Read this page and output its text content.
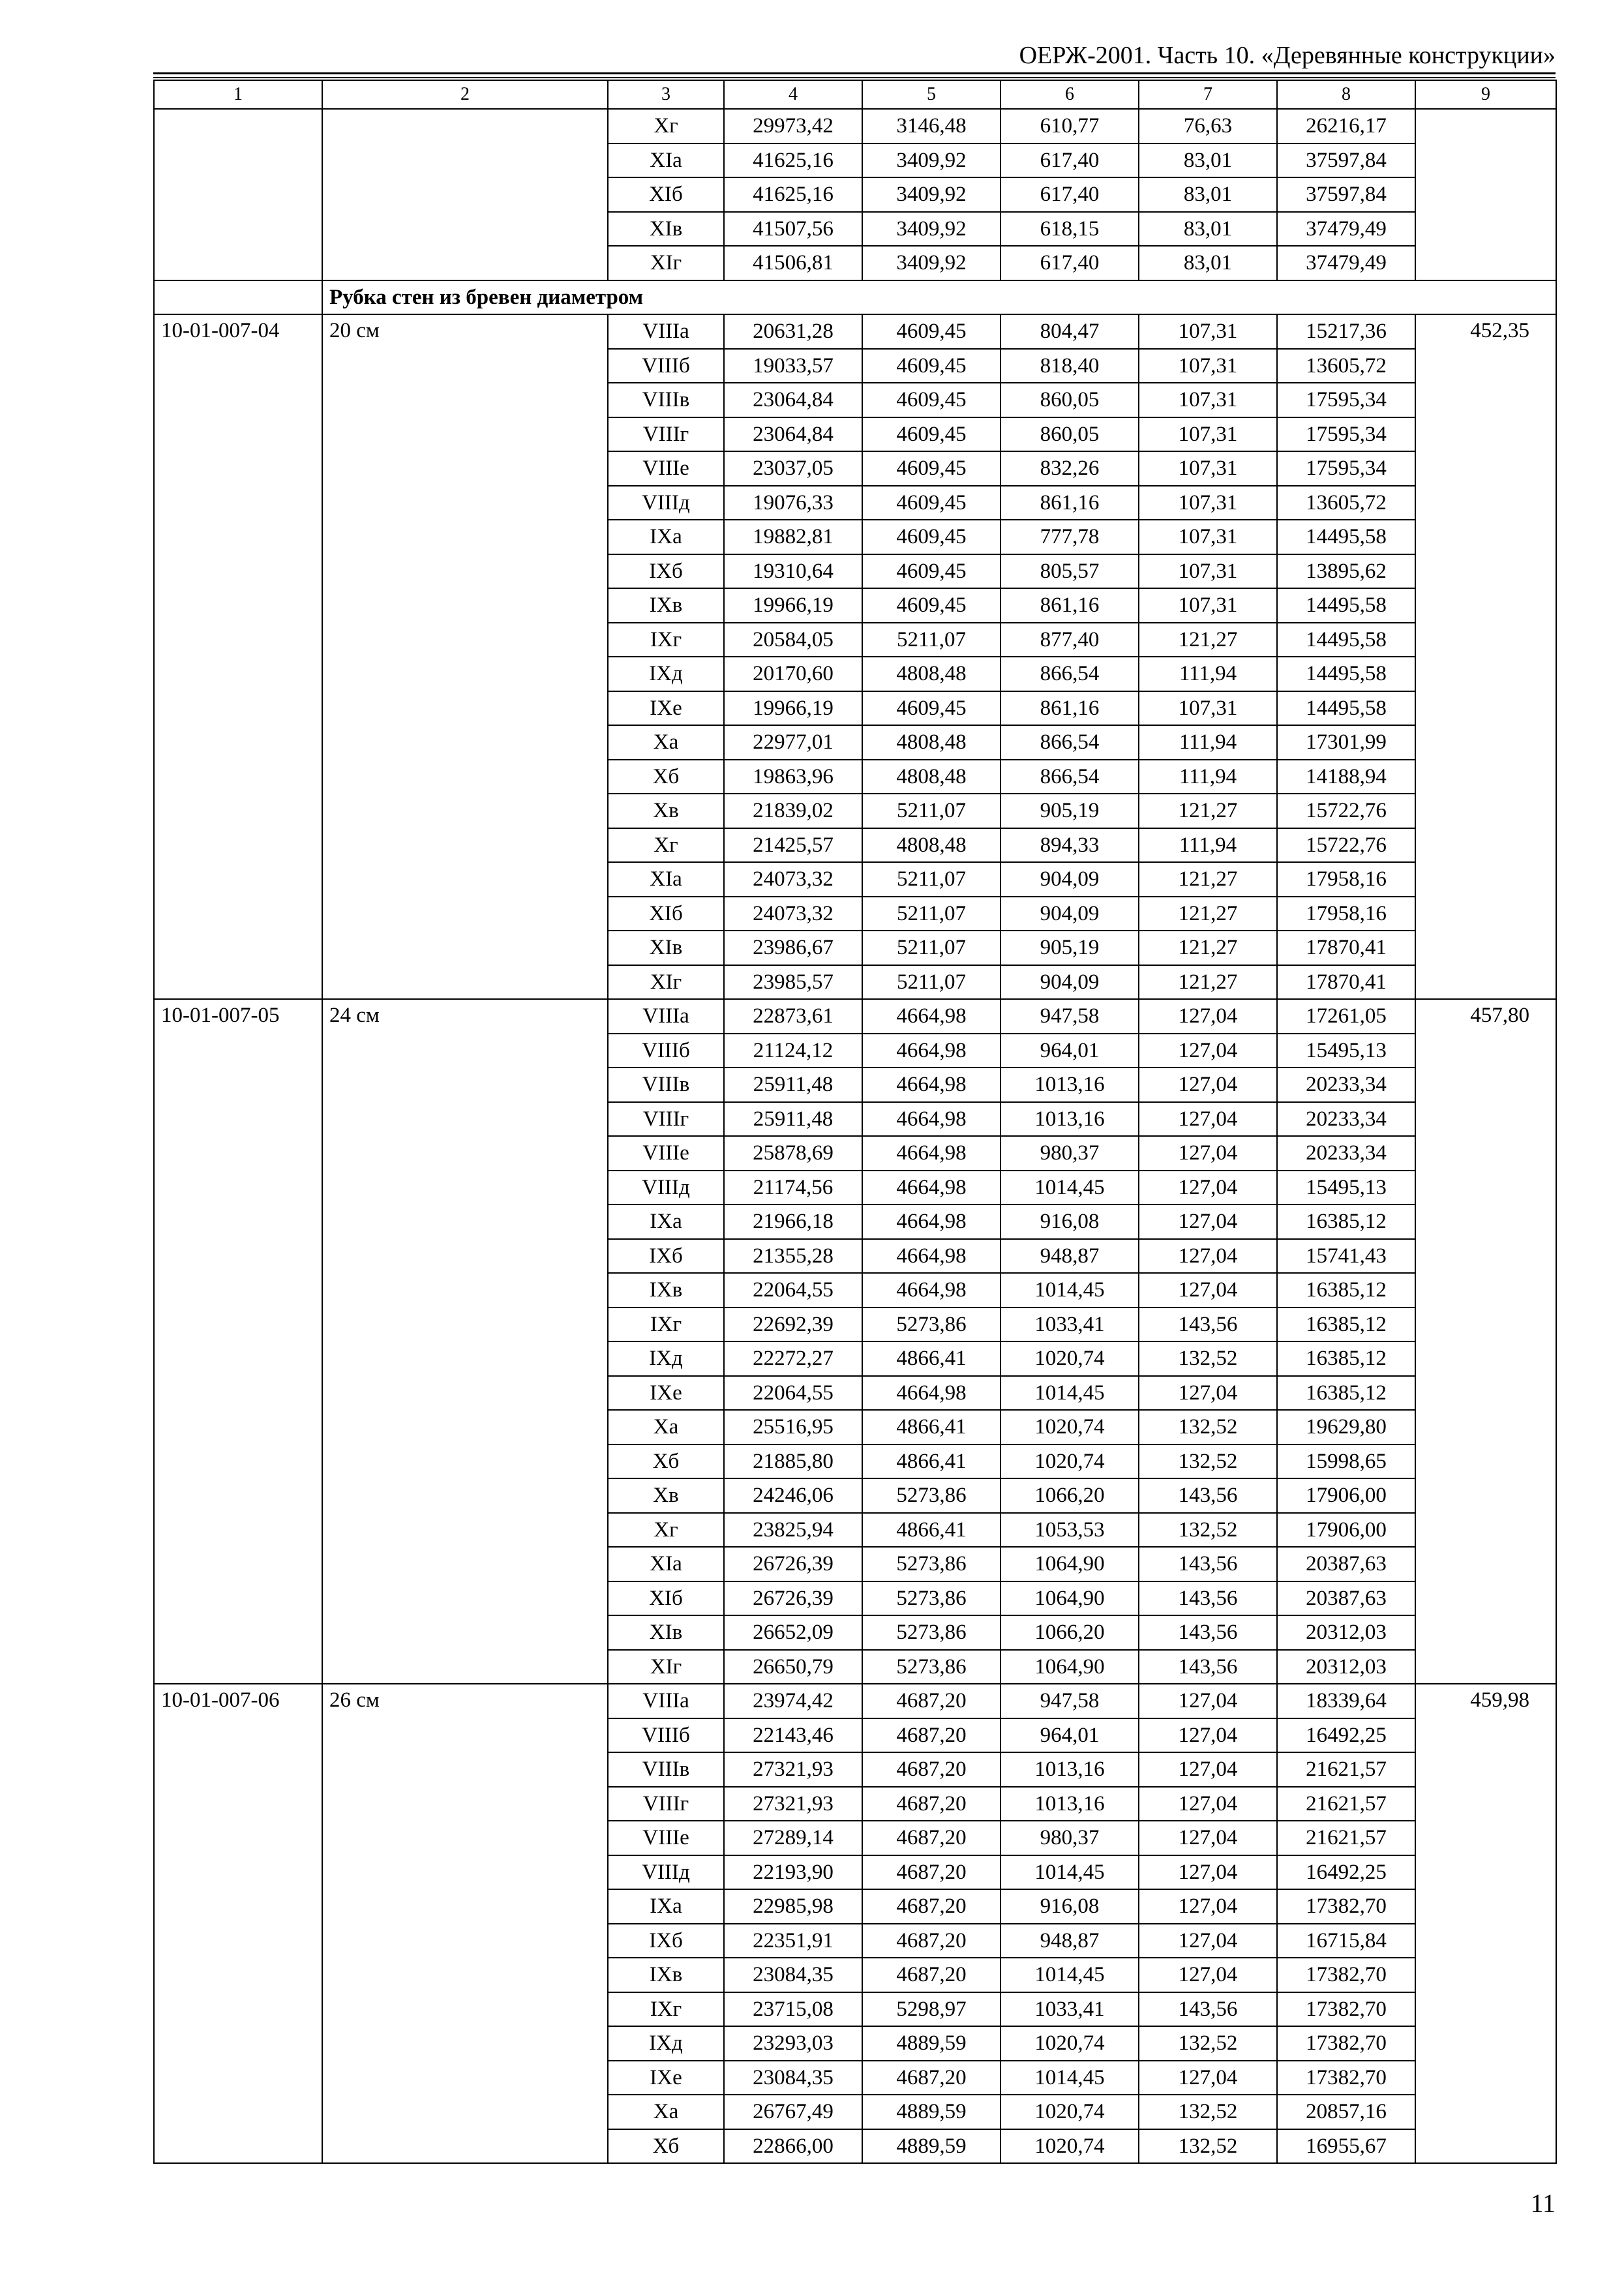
ОЕРЖ-2001. Часть 10. «Деревянные конструкции»
1	2	3	4	5	6	7	8	9
		Xг	29973,42	3146,48	610,77	76,63	26216,17	
		XIа	41625,16	3409,92	617,40	83,01	37597,84	
		XIб	41625,16	3409,92	617,40	83,01	37597,84	
		XIв	41507,56	3409,92	618,15	83,01	37479,49	
		XIг	41506,81	3409,92	617,40	83,01	37479,49	
	Рубка стен из бревен диаметром							
10-01-007-04	20 см	VIIIа	20631,28	4609,45	804,47	107,31	15217,36	452,35
		VIIIб	19033,57	4609,45	818,40	107,31	13605,72	
		VIIIв	23064,84	4609,45	860,05	107,31	17595,34	
		VIIIг	23064,84	4609,45	860,05	107,31	17595,34	
		VIIIе	23037,05	4609,45	832,26	107,31	17595,34	
		VIIIд	19076,33	4609,45	861,16	107,31	13605,72	
		IXа	19882,81	4609,45	777,78	107,31	14495,58	
		IXб	19310,64	4609,45	805,57	107,31	13895,62	
		IXв	19966,19	4609,45	861,16	107,31	14495,58	
		IXг	20584,05	5211,07	877,40	121,27	14495,58	
		IXд	20170,60	4808,48	866,54	111,94	14495,58	
		IXе	19966,19	4609,45	861,16	107,31	14495,58	
		Xа	22977,01	4808,48	866,54	111,94	17301,99	
		Xб	19863,96	4808,48	866,54	111,94	14188,94	
		Xв	21839,02	5211,07	905,19	121,27	15722,76	
		Xг	21425,57	4808,48	894,33	111,94	15722,76	
		XIа	24073,32	5211,07	904,09	121,27	17958,16	
		XIб	24073,32	5211,07	904,09	121,27	17958,16	
		XIв	23986,67	5211,07	905,19	121,27	17870,41	
		XIг	23985,57	5211,07	904,09	121,27	17870,41	
10-01-007-05	24 см	VIIIа	22873,61	4664,98	947,58	127,04	17261,05	457,80
		VIIIб	21124,12	4664,98	964,01	127,04	15495,13	
		VIIIв	25911,48	4664,98	1013,16	127,04	20233,34	
		VIIIг	25911,48	4664,98	1013,16	127,04	20233,34	
		VIIIе	25878,69	4664,98	980,37	127,04	20233,34	
		VIIIд	21174,56	4664,98	1014,45	127,04	15495,13	
		IXа	21966,18	4664,98	916,08	127,04	16385,12	
		IXб	21355,28	4664,98	948,87	127,04	15741,43	
		IXв	22064,55	4664,98	1014,45	127,04	16385,12	
		IXг	22692,39	5273,86	1033,41	143,56	16385,12	
		IXд	22272,27	4866,41	1020,74	132,52	16385,12	
		IXе	22064,55	4664,98	1014,45	127,04	16385,12	
		Xа	25516,95	4866,41	1020,74	132,52	19629,80	
		Xб	21885,80	4866,41	1020,74	132,52	15998,65	
		Xв	24246,06	5273,86	1066,20	143,56	17906,00	
		Xг	23825,94	4866,41	1053,53	132,52	17906,00	
		XIа	26726,39	5273,86	1064,90	143,56	20387,63	
		XIб	26726,39	5273,86	1064,90	143,56	20387,63	
		XIв	26652,09	5273,86	1066,20	143,56	20312,03	
		XIг	26650,79	5273,86	1064,90	143,56	20312,03	
10-01-007-06	26 см	VIIIа	23974,42	4687,20	947,58	127,04	18339,64	459,98
		VIIIб	22143,46	4687,20	964,01	127,04	16492,25	
		VIIIв	27321,93	4687,20	1013,16	127,04	21621,57	
		VIIIг	27321,93	4687,20	1013,16	127,04	21621,57	
		VIIIе	27289,14	4687,20	980,37	127,04	21621,57	
		VIIIд	22193,90	4687,20	1014,45	127,04	16492,25	
		IXа	22985,98	4687,20	916,08	127,04	17382,70	
		IXб	22351,91	4687,20	948,87	127,04	16715,84	
		IXв	23084,35	4687,20	1014,45	127,04	17382,70	
		IXг	23715,08	5298,97	1033,41	143,56	17382,70	
		IXд	23293,03	4889,59	1020,74	132,52	17382,70	
		IXе	23084,35	4687,20	1014,45	127,04	17382,70	
		Xа	26767,49	4889,59	1020,74	132,52	20857,16	
		Xб	22866,00	4889,59	1020,74	132,52	16955,67	
11
